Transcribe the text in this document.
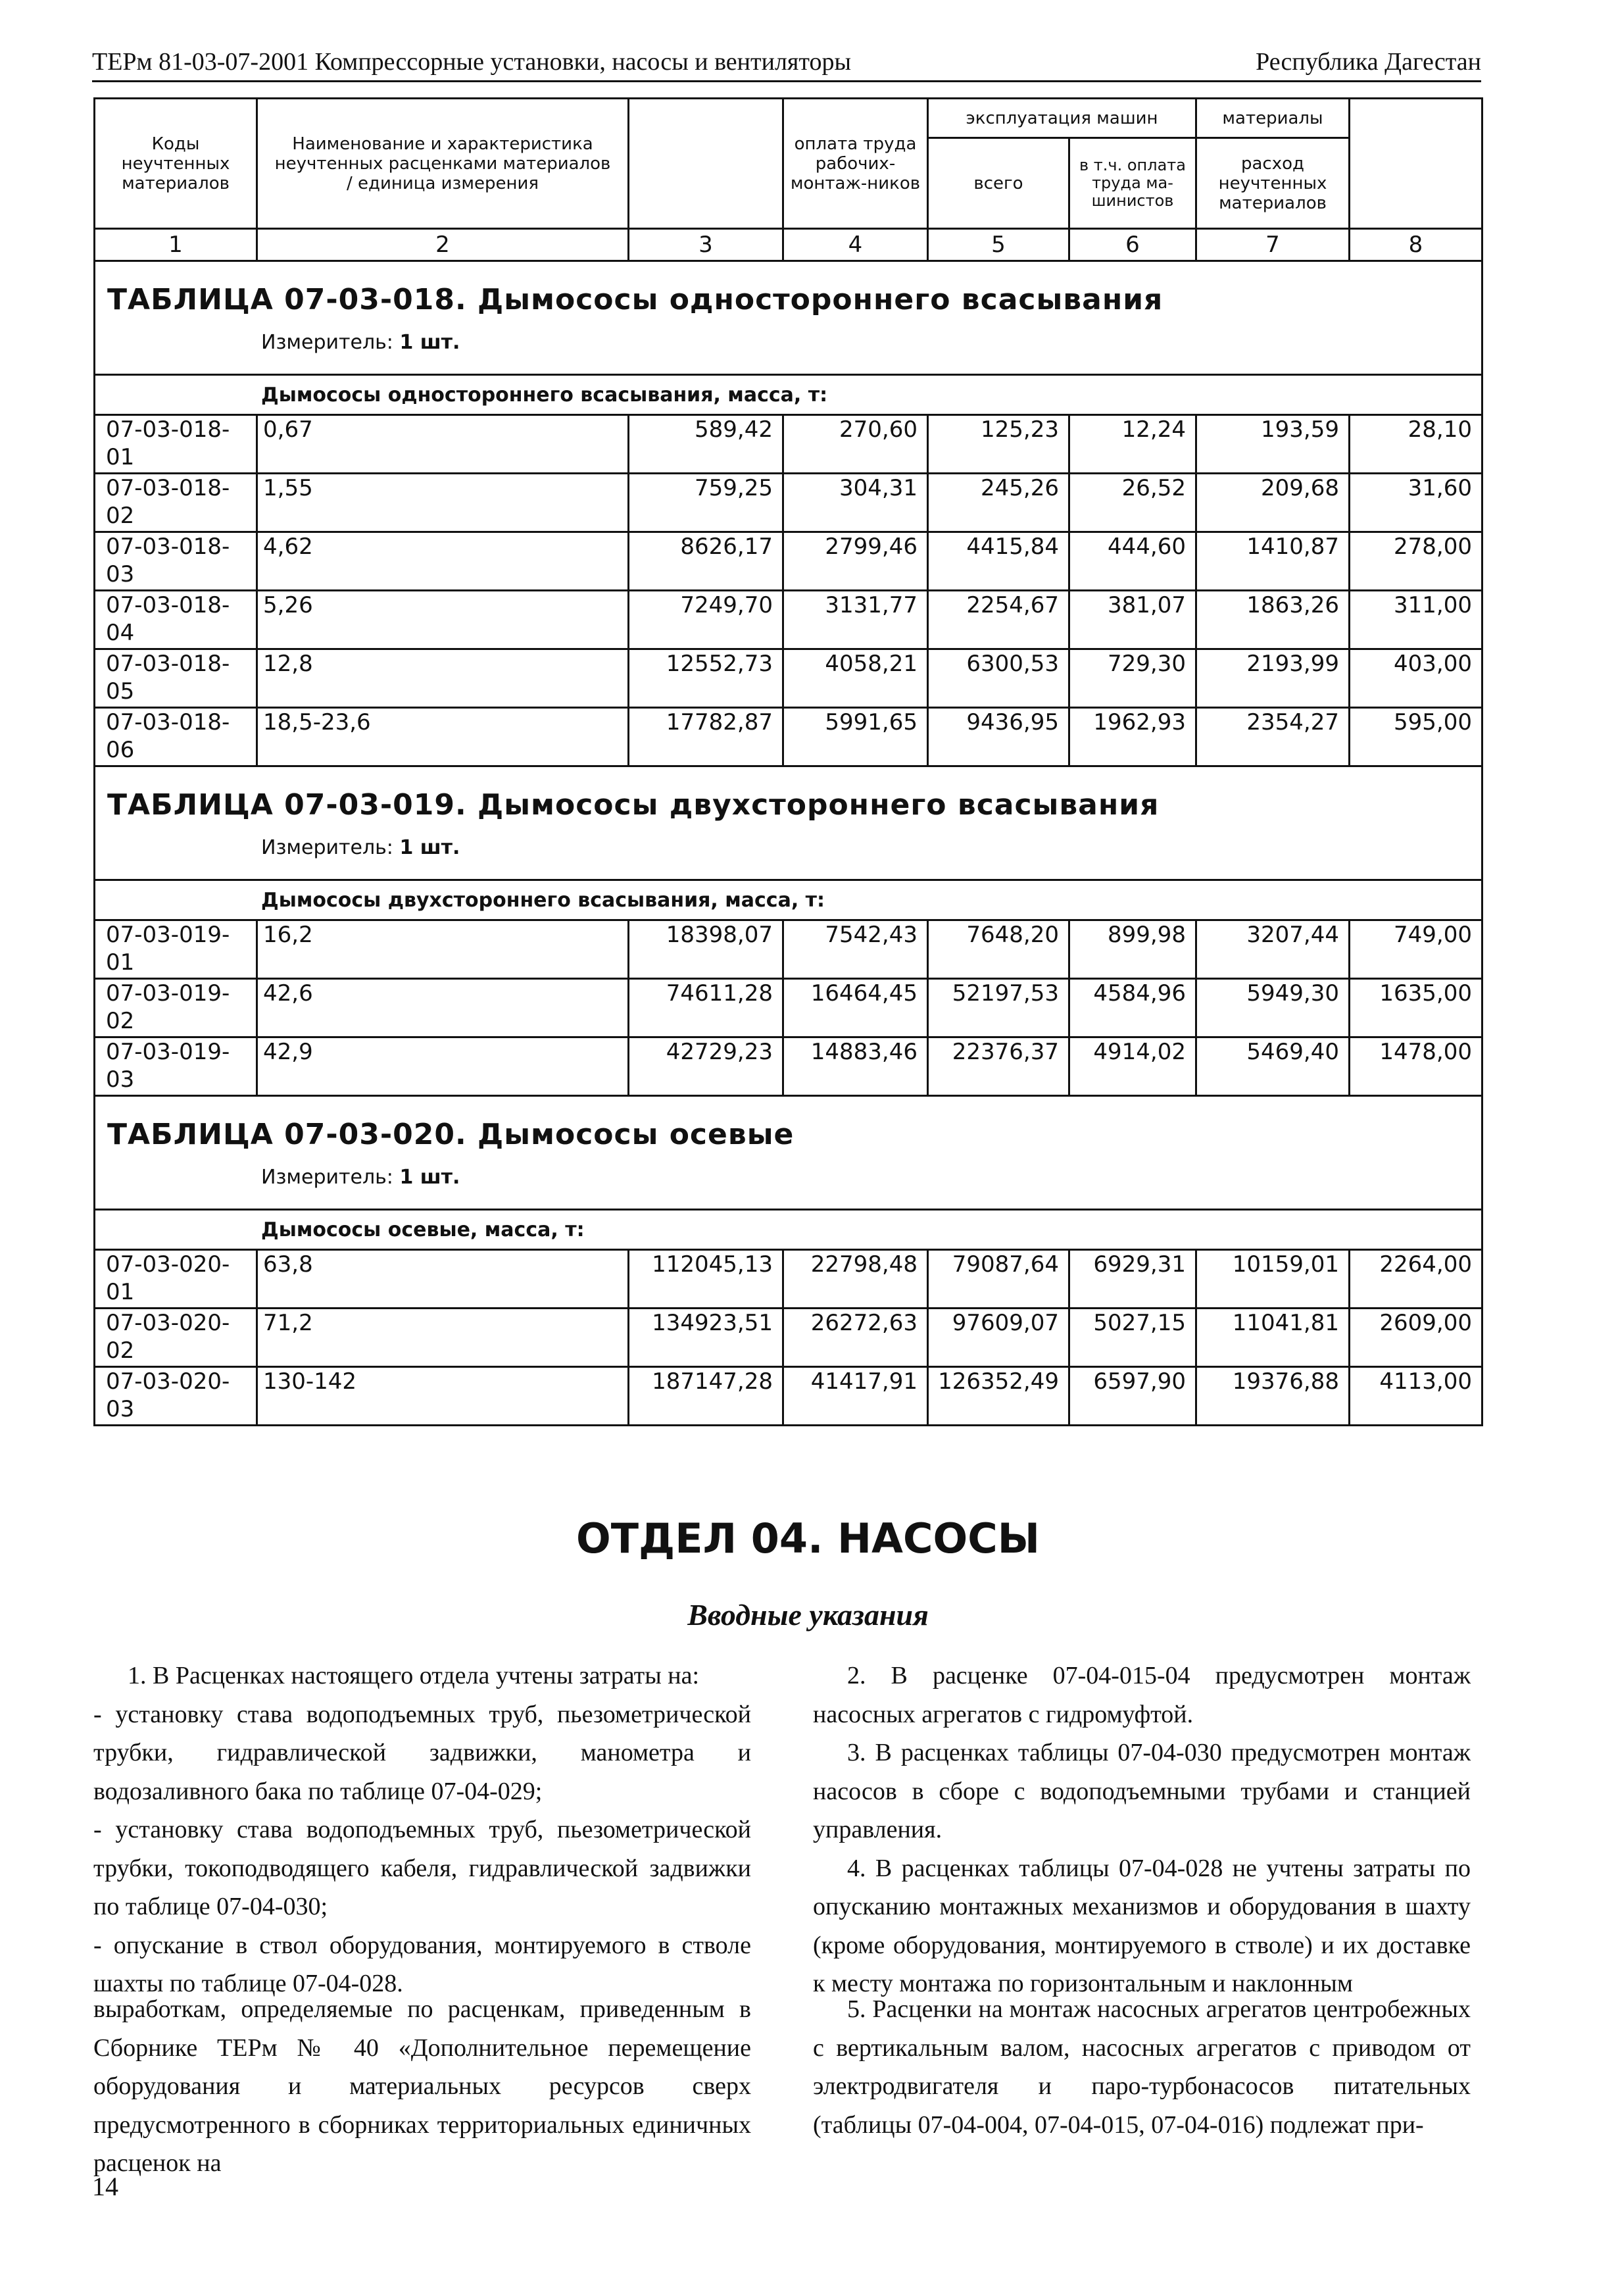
ТЕРм 81-03-07-2001 Компрессорные установки, насосы и вентиляторы	Республика Дагестан
Коды неучтенных материалов	Наименование и характеристика неучтенных расценками материалов / единица измерения		оплата труда рабочих-монтаж-ников	эксплуатация машин		материалы	
				всего	в т.ч. оплата труда ма-шинистов	расход неучтенных материалов	
1	2	3	4	5	6	7	8

ТАБЛИЦА 07-03-018. Дымососы одностороннего всасывания
Измеритель: 1 шт.							

Дымососы одностороннего всасывания, масса, т:							

07-03-018-
01	0,67	589,42	270,60	125,23	12,24	193,59	28,10

07-03-018-
02	1,55	759,25	304,31	245,26	26,52	209,68	31,60

07-03-018-
03	4,62	8626,17	2799,46	4415,84	444,60	1410,87	278,00

07-03-018-
04	5,26	7249,70	3131,77	2254,67	381,07	1863,26	311,00

07-03-018-
05	12,8	12552,73	4058,21	6300,53	729,30	2193,99	403,00

07-03-018-
06	18,5-23,6	17782,87	5991,65	9436,95	1962,93	2354,27	595,00

ТАБЛИЦА 07-03-019. Дымососы двухстороннего всасывания
Измеритель: 1 шт.							

Дымососы двухстороннего всасывания, масса, т:							

07-03-019-
01	16,2	18398,07	7542,43	7648,20	899,98	3207,44	749,00

07-03-019-
02	42,6	74611,28	16464,45	52197,53	4584,96	5949,30	1635,00

07-03-019-
03	42,9	42729,23	14883,46	22376,37	4914,02	5469,40	1478,00

ТАБЛИЦА 07-03-020. Дымососы осевые
Измеритель: 1 шт.							

Дымососы осевые, масса, т:							

07-03-020-
01	63,8	112045,13	22798,48	79087,64	6929,31	10159,01	2264,00

07-03-020-
02	71,2	134923,51	26272,63	97609,07	5027,15	11041,81	2609,00

07-03-020-
03	130-142	187147,28	41417,91	126352,49	6597,90	19376,88	4113,00
ОТДЕЛ 04. НАСОСЫ
Вводные указания

1. В Расценках настоящего отдела учтены затраты на:

- установку става водоподъемных труб, пьезометрической трубки, гидравлической задвижки, манометра и водозаливного бака по таблице 07-04-029;

- установку става водоподъемных труб, пьезометрической трубки, токоподводящего кабеля, гидравлической задвижки по таблице 07-04-030;

- опускание в ствол оборудования, монтируемого в стволе шахты по таблице 07-04-028.

2. В расценке 07-04-015-04 предусмотрен монтаж насосных агрегатов с гидромуфтой.

3. В расценках таблицы 07-04-030 предусмотрен монтаж насосов в сборе с водоподъемными трубами и станцией управления.

4. В расценках таблицы 07-04-028 не учтены затраты по опусканию монтажных механизмов и оборудования в шахту (кроме оборудования, монтируемого в стволе) и их доставке к месту монтажа по горизонтальным и наклонным

выработкам, определяемые по расценкам, приведенным в Сборнике ТЕРм № 40 «Дополнительное перемещение оборудования и материальных ресурсов сверх предусмотренного в сборниках территориальных единичных расценок на

5. Расценки на монтаж насосных агрегатов центробежных с вертикальным валом, насосных агрегатов с приводом от электродвигателя и паро-турбонасосов питательных (таблицы 07-04-004, 07-04-015, 07-04-016) подлежат при-

14
